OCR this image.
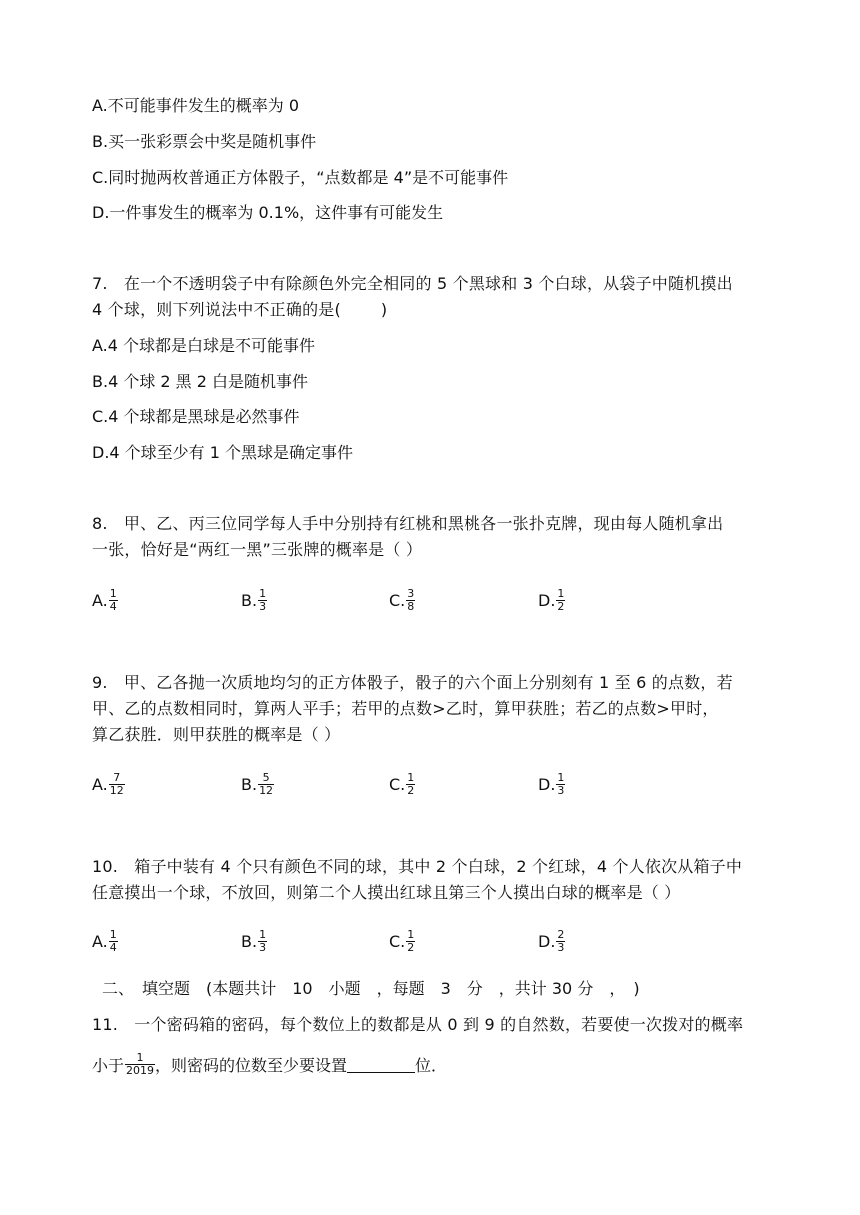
A.不可能事件发生的概率为 0
B.买一张彩票会中奖是随机事件
C.同时抛两枚普通正方体骰子，“点数都是 4”是不可能事件
D.一件事发生的概率为 0.1%，这件事有可能发生
7.　在一个不透明袋子中有除颜色外完全相同的 5 个黑球和 3 个白球，从袋子中随机摸出
4 个球，则下列说法中不正确的是(	)
A.4 个球都是白球是不可能事件
B.4 个球 2 黑 2 白是随机事件
C.4 个球都是黑球是必然事件
D.4 个球至少有 1 个黑球是确定事件
8.　甲、乙、丙三位同学每人手中分别持有红桃和黑桃各一张扑克牌，现由每人随机拿出
一张，恰好是“两红一黑”三张牌的概率是（ ）
A. $\frac{1}{4}$	B. $\frac{1}{3}$	C. $\frac{3}{8}$	D. $\frac{1}{2}$
9.　甲、乙各抛一次质地均匀的正方体骰子，骰子的六个面上分别刻有 1 至 6 的点数，若
甲、乙的点数相同时，算两人平手；若甲的点数>乙时，算甲获胜；若乙的点数>甲时，
算乙获胜．则甲获胜的概率是（ ）
A. $\frac{7}{12}$	B. $\frac{5}{12}$	C. $\frac{1}{2}$	D. $\frac{1}{3}$
10.　箱子中装有 4 个只有颜色不同的球，其中 2 个白球，2 个红球，4 个人依次从箱子中
任意摸出一个球，不放回，则第二个人摸出红球且第三个人摸出白球的概率是（ ）
A. $\frac{1}{4}$	B. $\frac{1}{3}$	C. $\frac{1}{2}$	D. $\frac{2}{3}$
二、　填空题　(本题共计　10　小题　，每题　3　分　，共计 30 分　，　)
11.　一个密码箱的密码，每个数位上的数都是从 0 到 9 的自然数，若要使一次拨对的概率
小于 $\frac{1}{2019}$ ，则密码的位数至少要设置	位．
